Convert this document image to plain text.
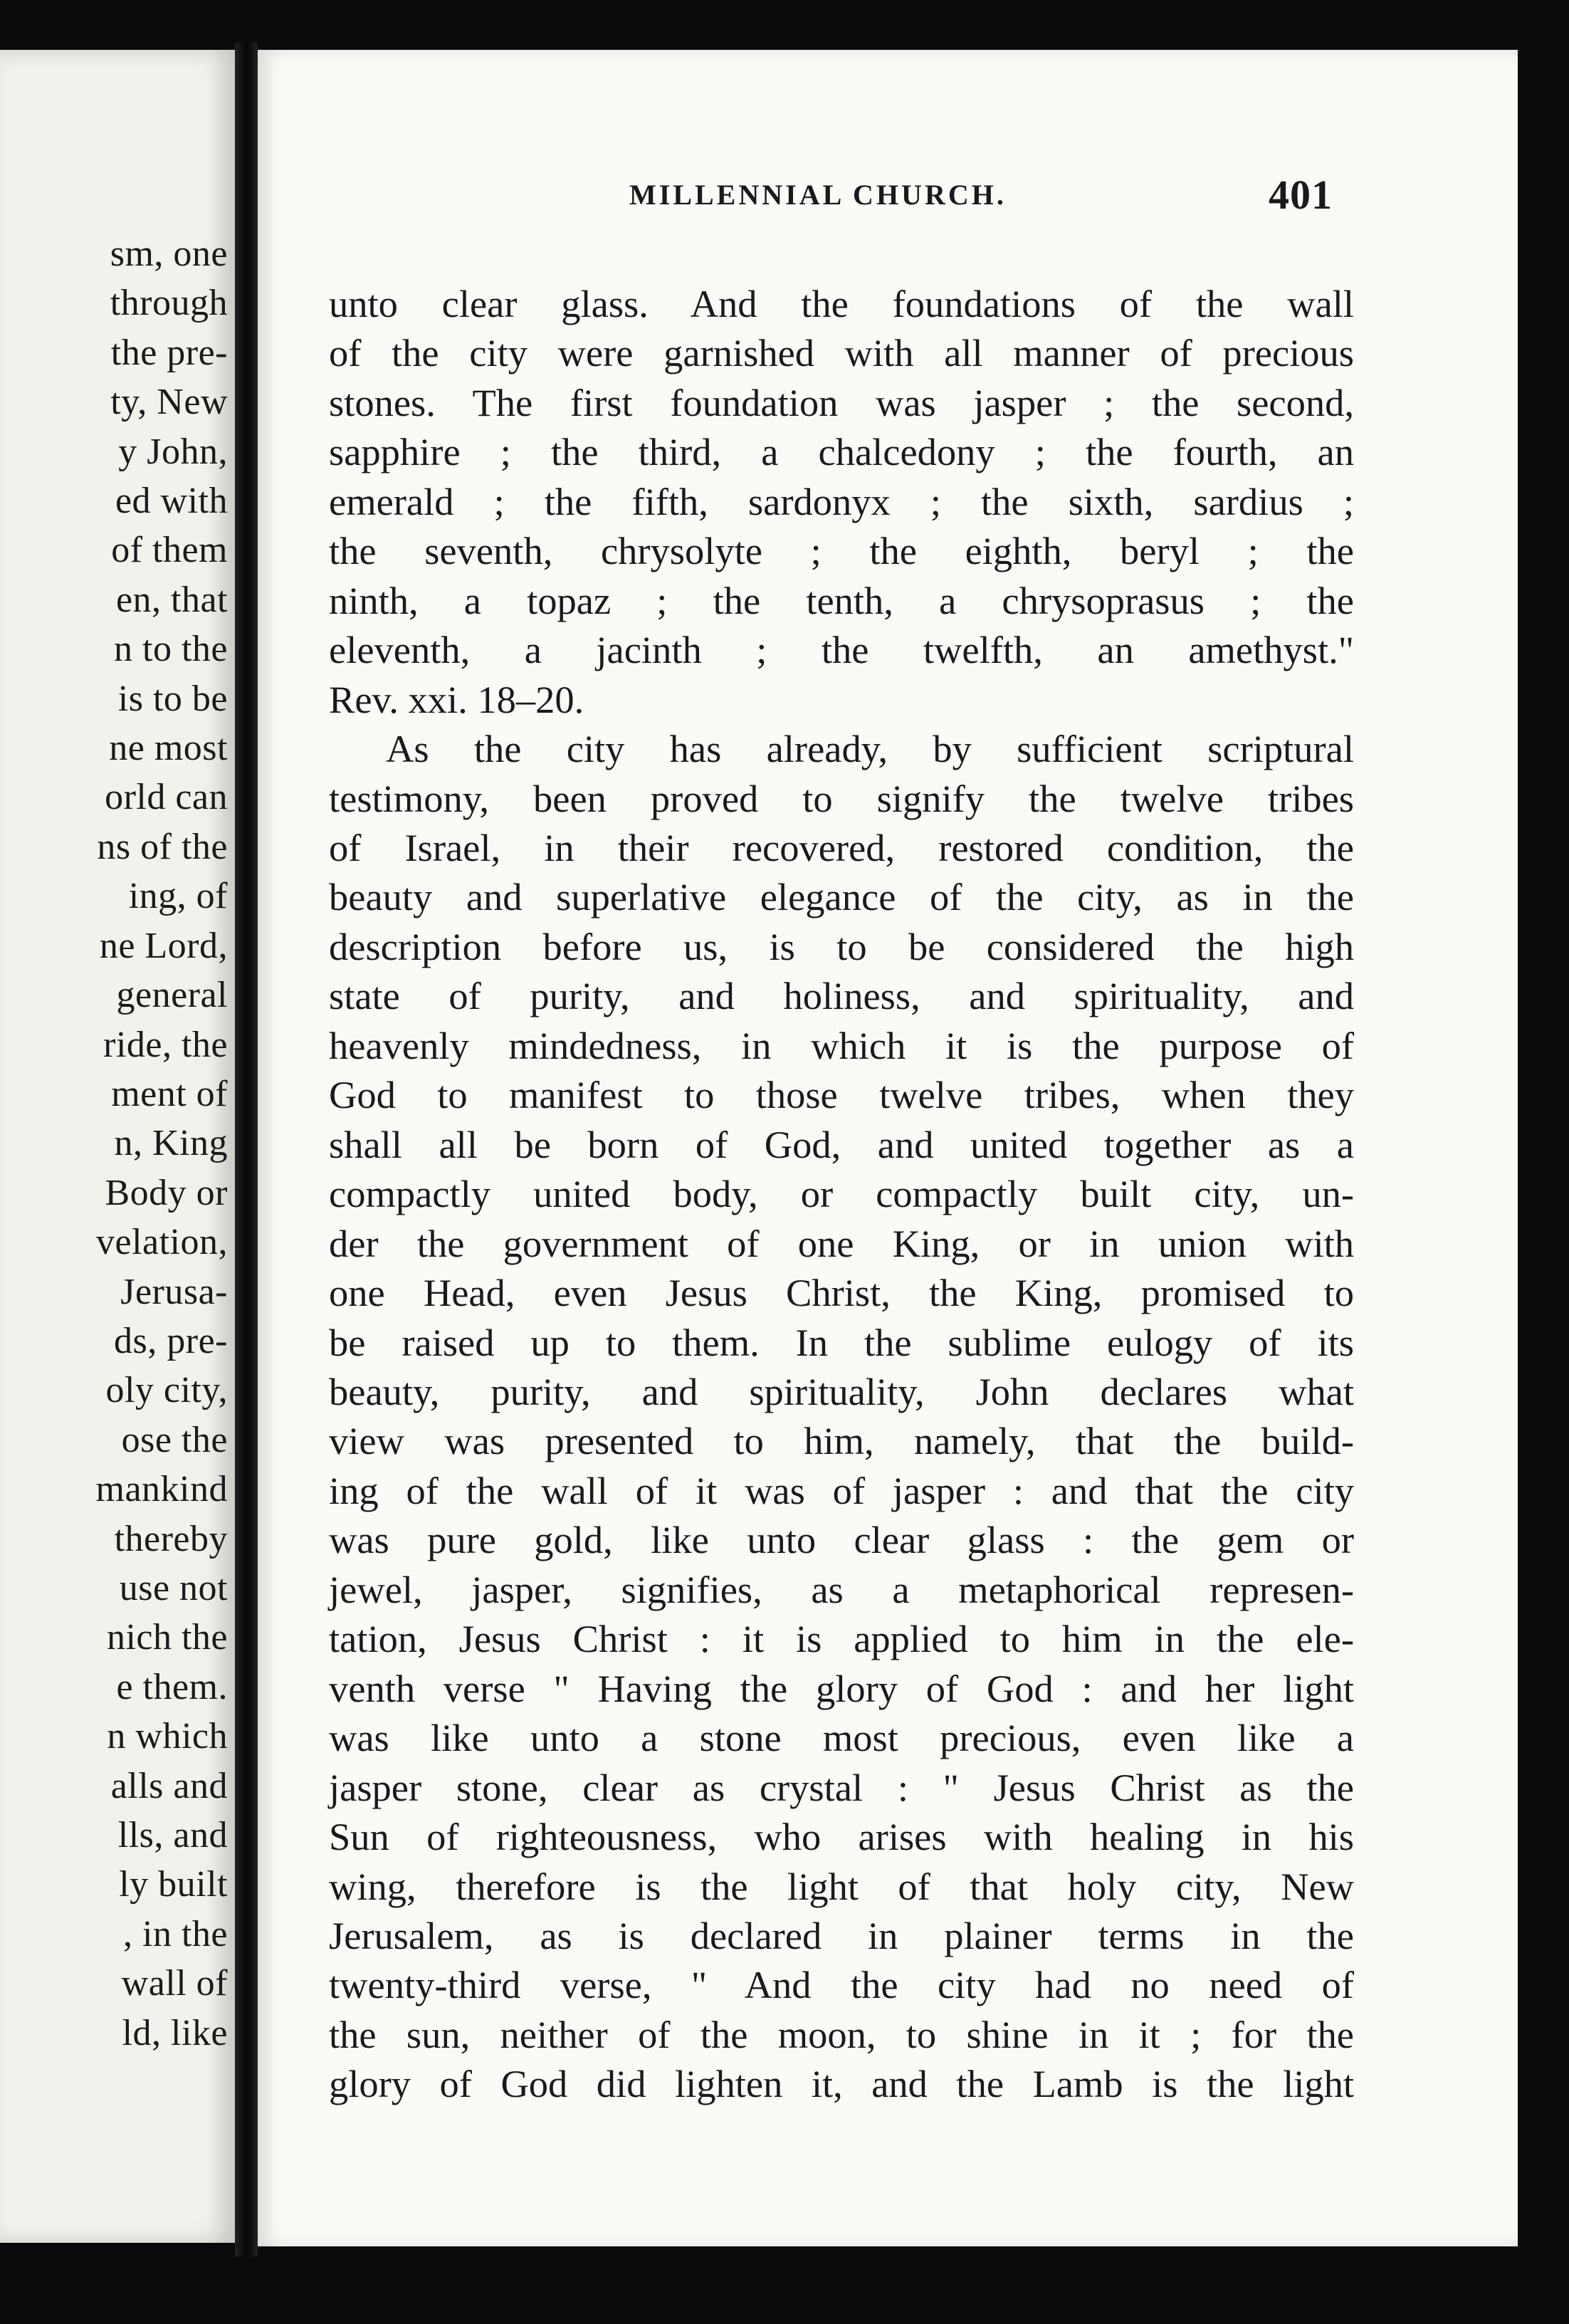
sm, one
through
the pre-
ty, New
y John,
ed with
of them
en, that
n to the
is to be
ne most
orld can
ns of the
ing, of
ne Lord,
general
ride, the
ment of
n, King
Body or
velation,
Jerusa-
ds, pre-
oly city,
ose the
mankind
thereby
use not
nich the
e them.
n which
alls and
lls, and
ly built
, in the
wall of
ld, like
MILLENNIAL CHURCH.	401
unto clear glass. And the foundations of the wall
of the city were garnished with all manner of precious
stones. The first foundation was jasper ; the second,
sapphire ; the third, a chalcedony ; the fourth, an
emerald ; the fifth, sardonyx ; the sixth, sardius ;
the seventh, chrysolyte ; the eighth, beryl ; the
ninth, a topaz ; the tenth, a chrysoprasus ; the
eleventh, a jacinth ; the twelfth, an amethyst."
Rev. xxi. 18–20.
As the city has already, by sufficient scriptural
testimony, been proved to signify the twelve tribes
of Israel, in their recovered, restored condition, the
beauty and superlative elegance of the city, as in the
description before us, is to be considered the high
state of purity, and holiness, and spirituality, and
heavenly mindedness, in which it is the purpose of
God to manifest to those twelve tribes, when they
shall all be born of God, and united together as a
compactly united body, or compactly built city, un-
der the government of one King, or in union with
one Head, even Jesus Christ, the King, promised to
be raised up to them. In the sublime eulogy of its
beauty, purity, and spirituality, John declares what
view was presented to him, namely, that the build-
ing of the wall of it was of jasper : and that the city
was pure gold, like unto clear glass : the gem or
jewel, jasper, signifies, as a metaphorical represen-
tation, Jesus Christ : it is applied to him in the ele-
venth verse " Having the glory of God : and her light
was like unto a stone most precious, even like a
jasper stone, clear as crystal : " Jesus Christ as the
Sun of righteousness, who arises with healing in his
wing, therefore is the light of that holy city, New
Jerusalem, as is declared in plainer terms in the
twenty-third verse, " And the city had no need of
the sun, neither of the moon, to shine in it ; for the
glory of God did lighten it, and the Lamb is the light
